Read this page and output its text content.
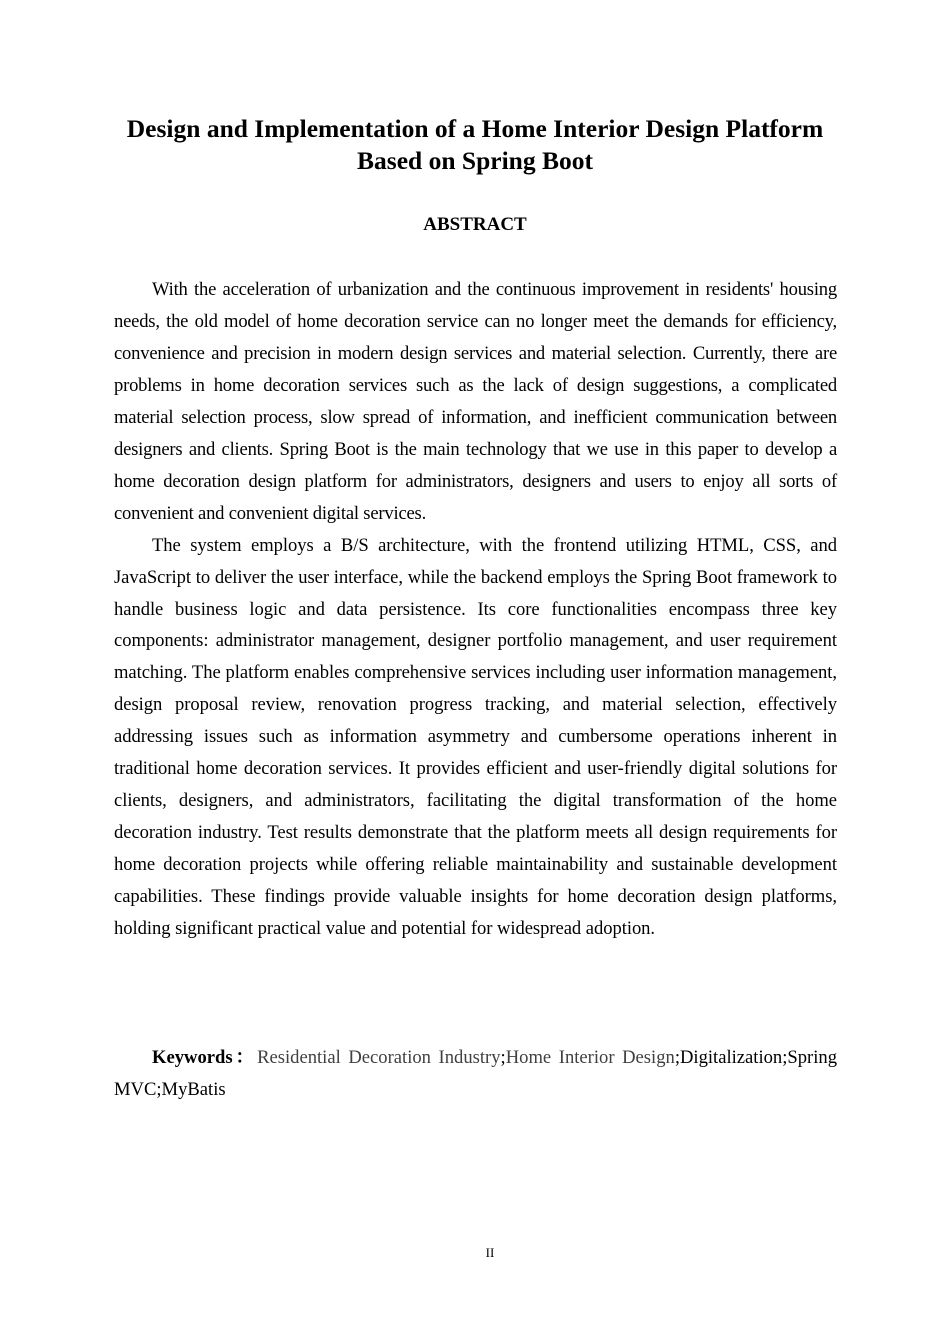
Design and Implementation of a Home Interior Design Platform
Based on Spring Boot
ABSTRACT

With the acceleration of urbanization and the continuous improvement in residents' housing needs, the old model of home decoration service can no longer meet the demands for efficiency, convenience and precision in modern design services and material selection. Currently, there are problems in home decoration services such as the lack of design suggestions, a complicated material selection process, slow spread of information, and inefficient communication between designers and clients. Spring Boot is the main technology that we use in this paper to develop a home decoration design platform for administrators, designers and users to enjoy all sorts of convenient and convenient digital services.

The system employs a B/S architecture, with the frontend utilizing HTML, CSS, and JavaScript to deliver the user interface, while the backend employs the Spring Boot framework to handle business logic and data persistence. Its core functionalities encompass three key components: administrator management, designer portfolio management, and user requirement matching. The platform enables comprehensive services including user information management, design proposal review, renovation progress tracking, and material selection, effectively addressing issues such as information asymmetry and cumbersome operations inherent in traditional home decoration services. It provides efficient and user-friendly digital solutions for clients, designers, and administrators, facilitating the digital transformation of the home decoration industry. Test results demonstrate that the platform meets all design requirements for home decoration projects while offering reliable maintainability and sustainable development capabilities. These findings provide valuable insights for home decoration design platforms, holding significant practical value and potential for widespread adoption.

Keywords：Residential Decoration Industry;Home Interior Design;Digitalization;Spring MVC;MyBatis

II
